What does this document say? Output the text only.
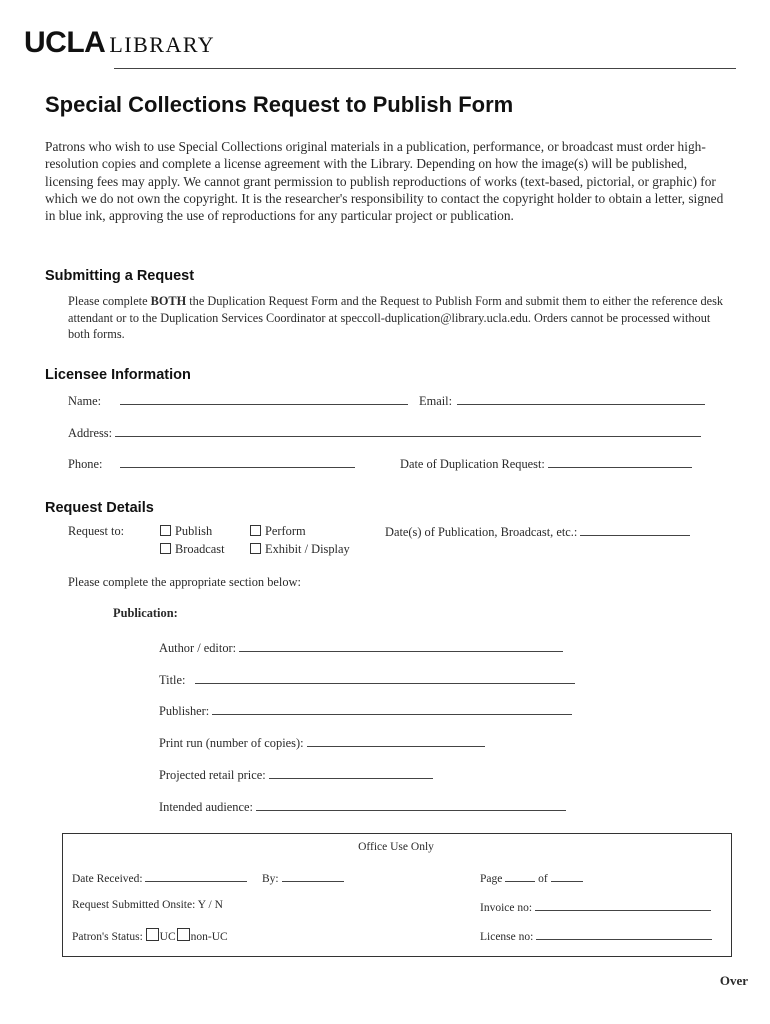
UCLA LIBRARY
Special Collections Request to Publish Form
Patrons who wish to use Special Collections original materials in a publication, performance, or broadcast must order high-resolution copies and complete a license agreement with the Library. Depending on how the image(s) will be published, licensing fees may apply. We cannot grant permission to publish reproductions of works (text-based, pictorial, or graphic) for which we do not own the copyright. It is the researcher's responsibility to contact the copyright holder to obtain a letter, signed in blue ink, approving the use of reproductions for any particular project or publication.
Submitting a Request
Please complete BOTH the Duplication Request Form and the Request to Publish Form and submit them to either the reference desk attendant or to the Duplication Services Coordinator at speccoll-duplication@library.ucla.edu. Orders cannot be processed without both forms.
Licensee Information
Name:	Email:
Address:
Phone:	Date of Duplication Request:
Request Details
Request to:	Publish	Perform
Broadcast	Exhibit / Display
Date(s) of Publication, Broadcast, etc.:
Please complete the appropriate section below:
Publication:
Author / editor:
Title:
Publisher:
Print run (number of copies):
Projected retail price:
Intended audience:
Office Use Only
Date Received:	By:	Page	of
Request Submitted Onsite: Y / N	Invoice no:
Patron's Status: UC non-UC	License no:
Over
